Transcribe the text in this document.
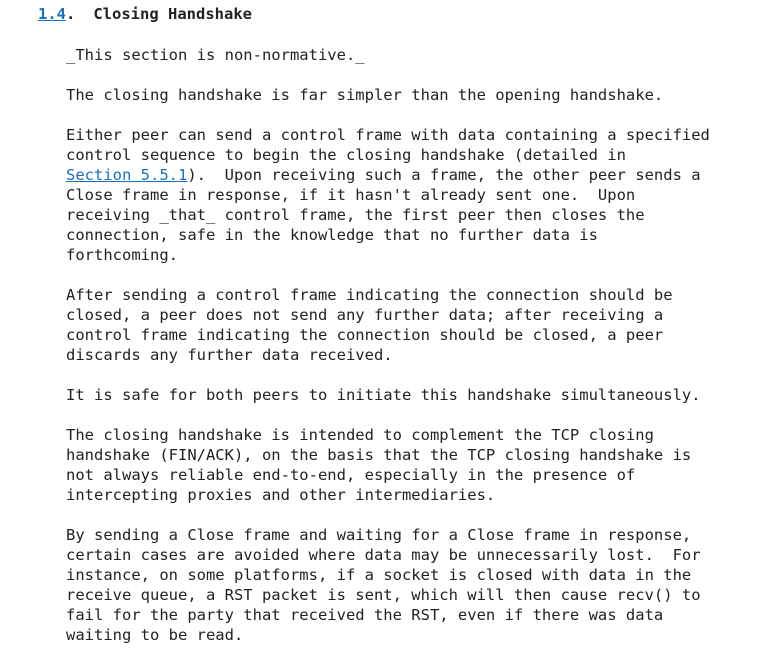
1.4. Closing Handshake
_This section is non-normative._
The closing handshake is far simpler than the opening handshake.
Either peer can send a control frame with data containing a specified
control sequence to begin the closing handshake (detailed in
Section 5.5.1).  Upon receiving such a frame, the other peer sends a
Close frame in response, if it hasn't already sent one.  Upon
receiving _that_ control frame, the first peer then closes the
connection, safe in the knowledge that no further data is
forthcoming.
After sending a control frame indicating the connection should be
closed, a peer does not send any further data; after receiving a
control frame indicating the connection should be closed, a peer
discards any further data received.
It is safe for both peers to initiate this handshake simultaneously.
The closing handshake is intended to complement the TCP closing
handshake (FIN/ACK), on the basis that the TCP closing handshake is
not always reliable end-to-end, especially in the presence of
intercepting proxies and other intermediaries.
By sending a Close frame and waiting for a Close frame in response,
certain cases are avoided where data may be unnecessarily lost.  For
instance, on some platforms, if a socket is closed with data in the
receive queue, a RST packet is sent, which will then cause recv() to
fail for the party that received the RST, even if there was data
waiting to be read.
